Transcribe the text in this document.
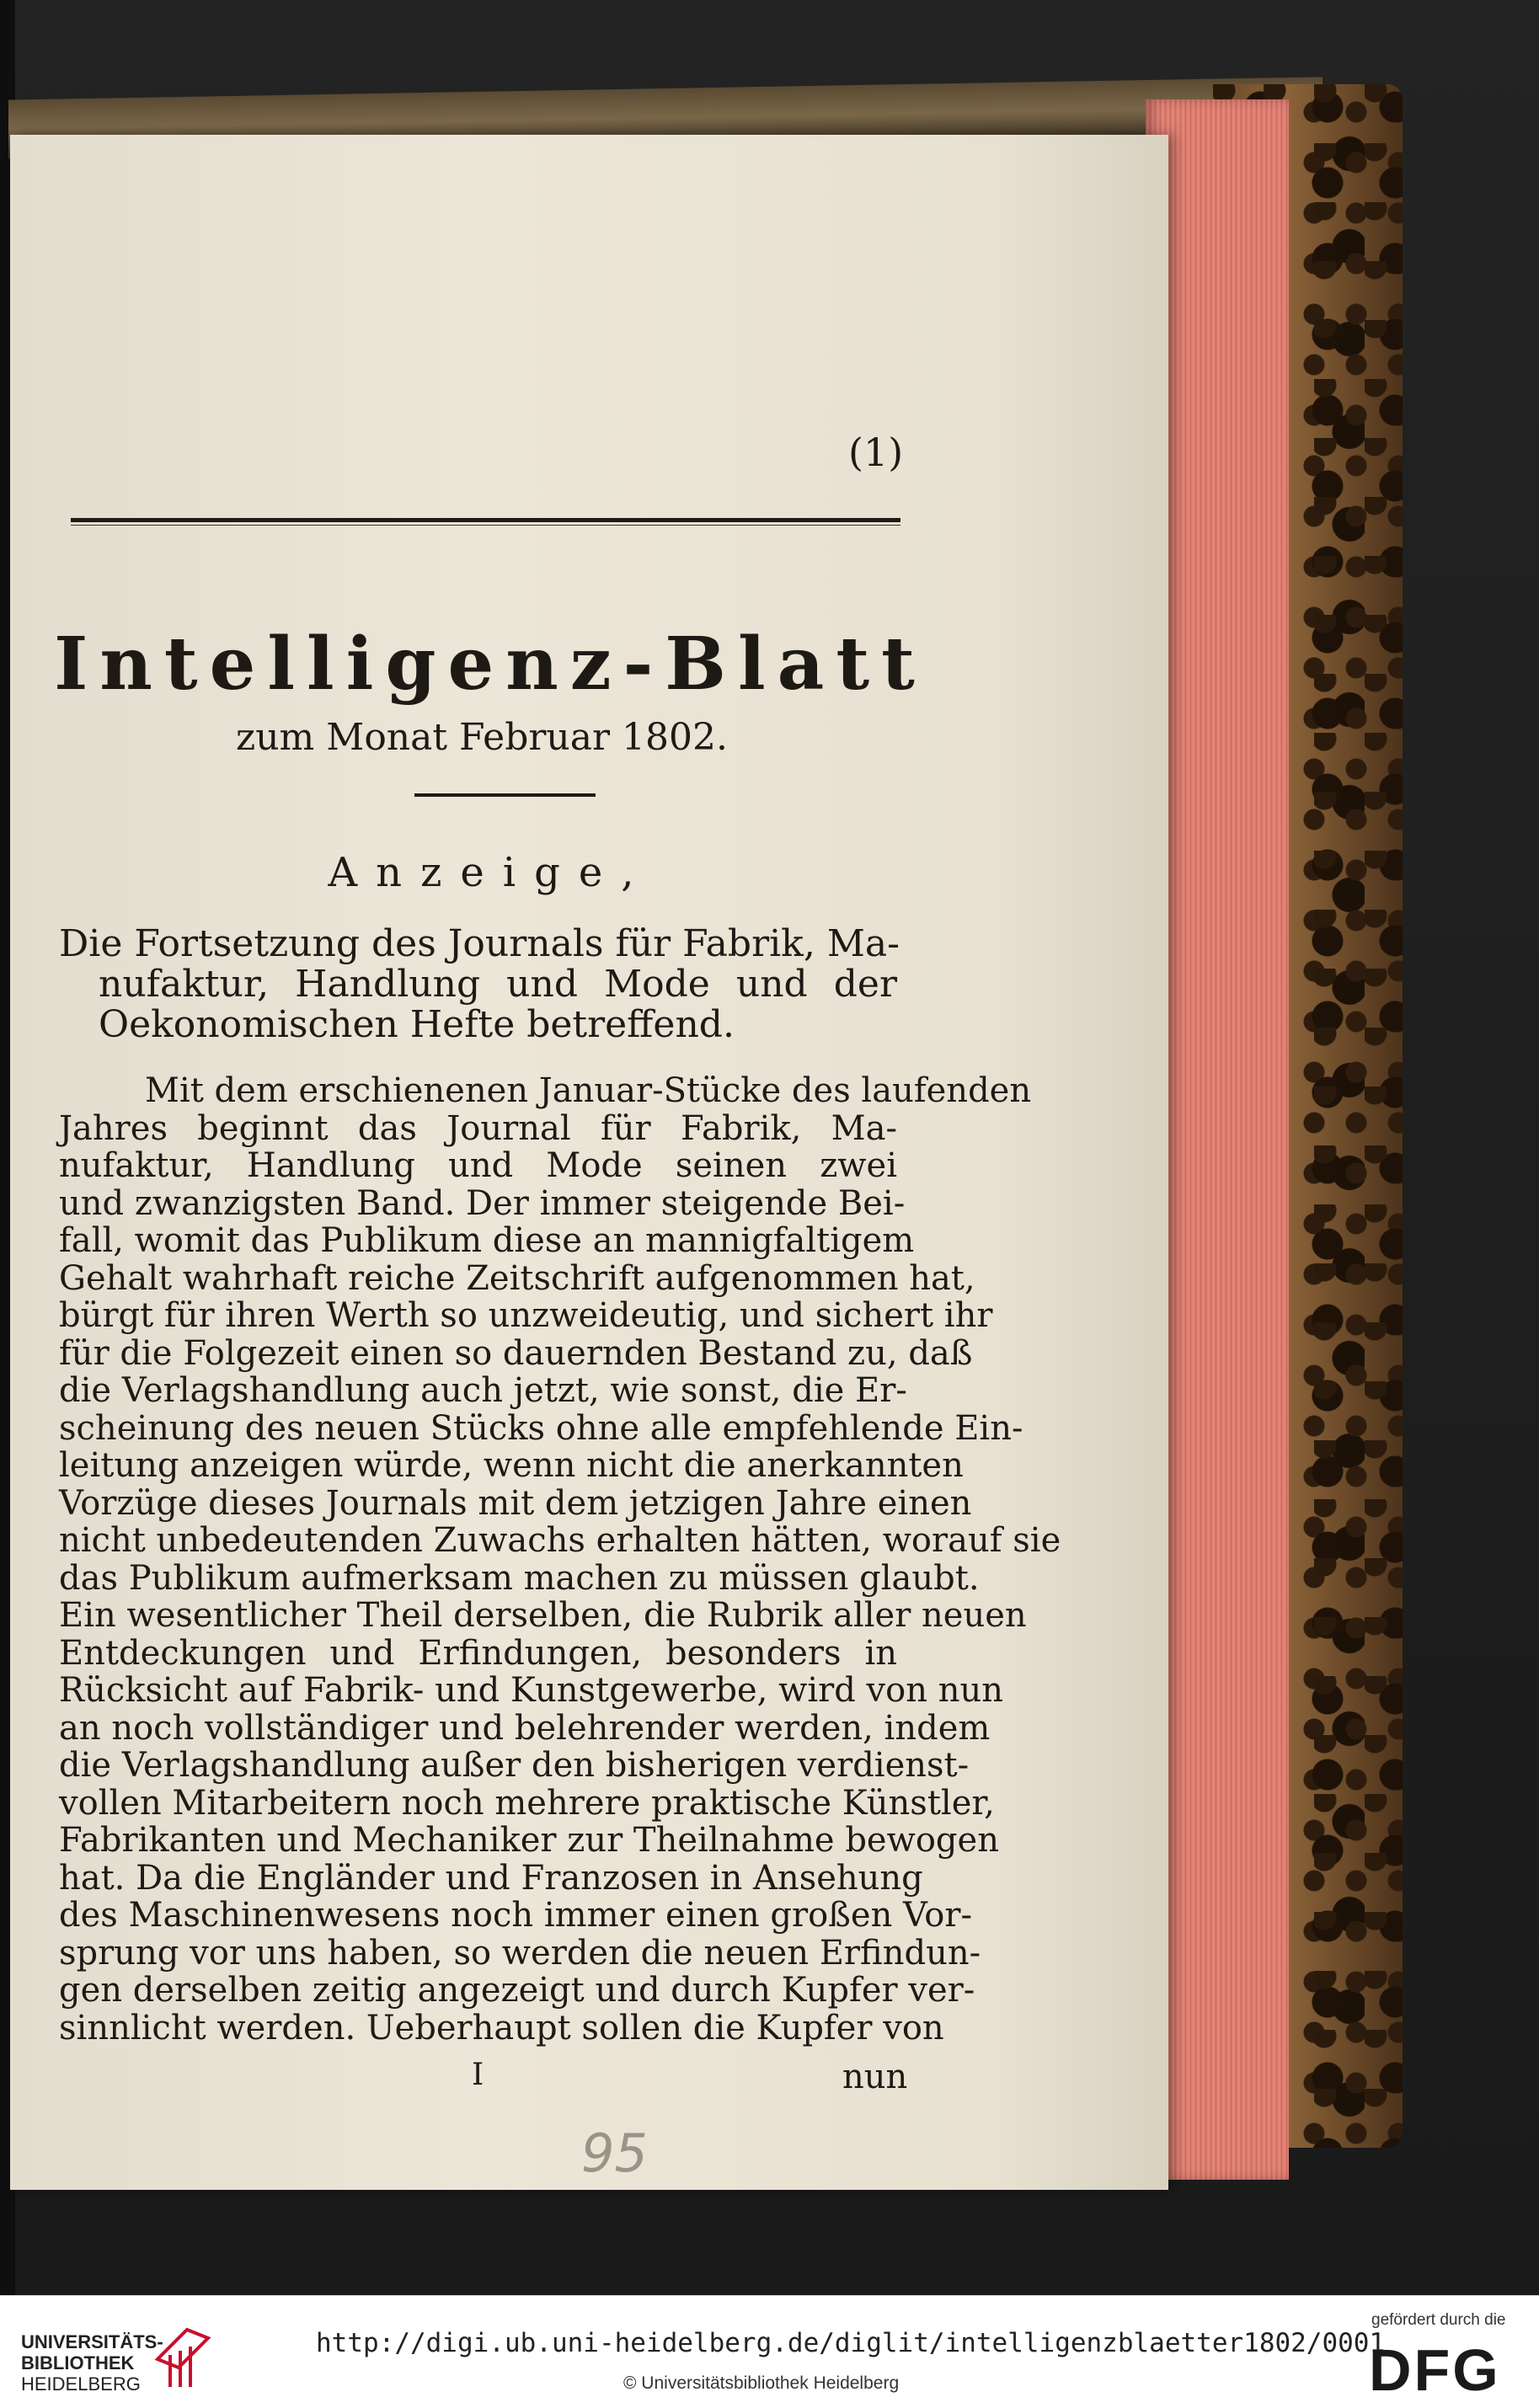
(1)
Intelligenz-Blatt
zum Monat Februar 1802.
Anzeige,
Die Fortsetzung des Journals für Fabrik, Ma-
nufaktur, Handlung und Mode und der
Oekonomischen Hefte betreffend.
Mit dem erschienenen Januar-Stücke des laufenden
Jahres beginnt das Journal für Fabrik, Ma-
nufaktur, Handlung und Mode seinen zwei
und zwanzigsten Band. Der immer steigende Bei-
fall, womit das Publikum diese an mannigfaltigem
Gehalt wahrhaft reiche Zeitschrift aufgenommen hat,
bürgt für ihren Werth so unzweideutig, und sichert ihr
für die Folgezeit einen so dauernden Bestand zu, daß
die Verlagshandlung auch jetzt, wie sonst, die Er-
scheinung des neuen Stücks ohne alle empfehlende Ein-
leitung anzeigen würde, wenn nicht die anerkannten
Vorzüge dieses Journals mit dem jetzigen Jahre einen
nicht unbedeutenden Zuwachs erhalten hätten, worauf sie
das Publikum aufmerksam machen zu müssen glaubt.
Ein wesentlicher Theil derselben, die Rubrik aller neuen
Entdeckungen und Erfindungen, besonders in
Rücksicht auf Fabrik- und Kunstgewerbe, wird von nun
an noch vollständiger und belehrender werden, indem
die Verlagshandlung außer den bisherigen verdienst-
vollen Mitarbeitern noch mehrere praktische Künstler,
Fabrikanten und Mechaniker zur Theilnahme bewogen
hat. Da die Engländer und Franzosen in Ansehung
des Maschinenwesens noch immer einen großen Vor-
sprung vor uns haben, so werden die neuen Erfindun-
gen derselben zeitig angezeigt und durch Kupfer ver-
sinnlicht werden. Ueberhaupt sollen die Kupfer von
I	nun
95
UNIVERSITÄTS-
BIBLIOTHEK
HEIDELBERG
http://digi.ub.uni-heidelberg.de/diglit/intelligenzblaetter1802/0001
© Universitätsbibliothek Heidelberg
gefördert durch die
DFG
